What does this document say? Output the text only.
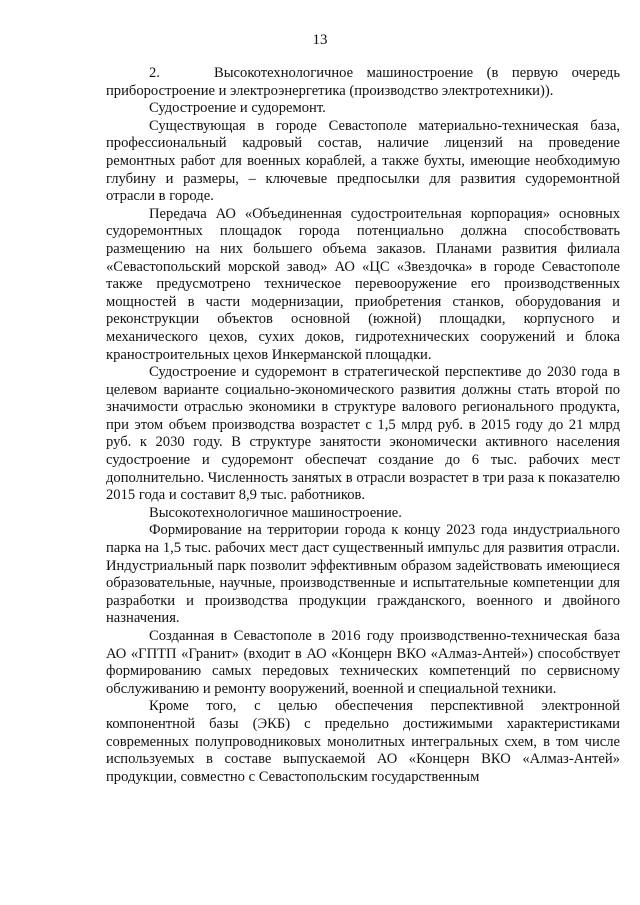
13

2.	Высокотехнологичное машиностроение (в первую очередь приборостроение и электроэнергетика (производство электротехники)).

Судостроение и судоремонт.

Существующая в городе Севастополе материально-техническая база, профессиональный кадровый состав, наличие лицензий на проведение ремонтных работ для военных кораблей, а также бухты, имеющие необходимую глубину и размеры, – ключевые предпосылки для развития судоремонтной отрасли в городе.

Передача АО «Объединенная судостроительная корпорация» основных судоремонтных площадок города потенциально должна способствовать размещению на них большего объема заказов. Планами развития филиала «Севастопольский морской завод» АО «ЦС «Звездочка» в городе Севастополе также предусмотрено техническое перевооружение его производственных мощностей в части модернизации, приобретения станков, оборудования и реконструкции объектов основной (южной) площадки, корпусного и механического цехов, сухих доков, гидротехнических сооружений и блока краностроительных цехов Инкерманской площадки.

Судостроение и судоремонт в стратегической перспективе до 2030 года в целевом варианте социально-экономического развития должны стать второй по значимости отраслью экономики в структуре валового регионального продукта, при этом объем производства возрастет с 1,5 млрд руб. в 2015 году до 21 млрд руб. к 2030 году. В структуре занятости экономически активного населения судостроение и судоремонт обеспечат создание до 6 тыс. рабочих мест дополнительно. Численность занятых в отрасли возрастет в три раза к показателю 2015 года и составит 8,9 тыс. работников.

Высокотехнологичное машиностроение.

Формирование на территории города к концу 2023 года индустриального парка на 1,5 тыс. рабочих мест даст существенный импульс для развития отрасли. Индустриальный парк позволит эффективным образом задействовать имеющиеся образовательные, научные, производственные и испытательные компетенции для разработки и производства продукции гражданского, военного и двойного назначения.

Созданная в Севастополе в 2016 году производственно-техническая база АО «ГПТП «Гранит» (входит в АО «Концерн ВКО «Алмаз-Антей») способствует формированию самых передовых технических компетенций по сервисному обслуживанию и ремонту вооружений, военной и специальной техники.

Кроме того, с целью обеспечения перспективной электронной компонентной базы (ЭКБ) с предельно достижимыми характеристиками современных полупроводниковых монолитных интегральных схем, в том числе используемых в составе выпускаемой АО «Концерн ВКО «Алмаз-Антей» продукции, совместно с Севастопольским государственным
